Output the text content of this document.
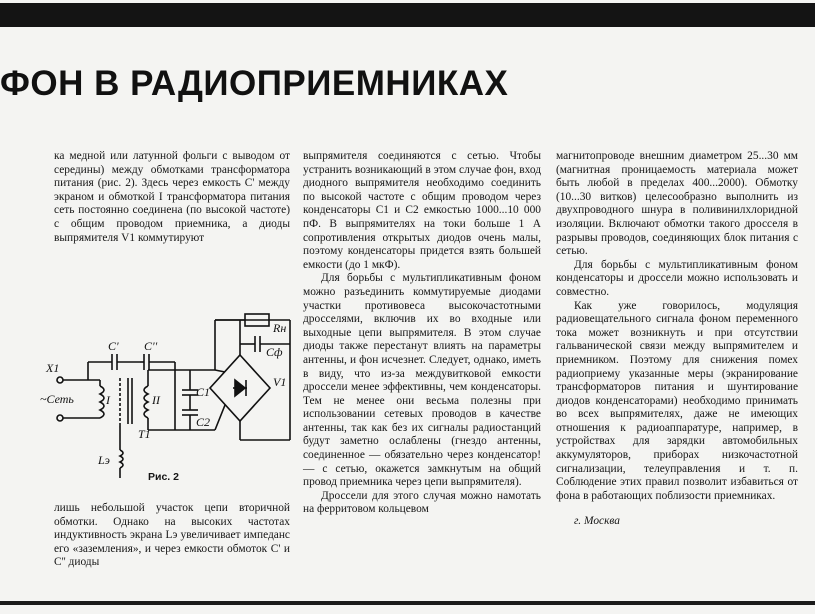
ФОН В РАДИОПРИЕМНИКАХ

ка медной или латунной фольги с выводом от середины) между обмотками трансформатора питания (рис. 2). Здесь через емкость C' между экраном и обмоткой I трансформатора питания сеть постоянно соединена (по высокой частоте) с общим проводом приемника, а диоды выпрямителя V1 коммутируют

C' C''
X1
~Сеть	I	II
T1
Lэ
C1
C2
Rн
Cф
V1
Рис. 2

лишь небольшой участок цепи вторичной обмотки. Однако на высоких частотах индуктивность экрана Lэ увеличивает импеданс его «заземления», и через емкости обмоток C' и C'' диоды

выпрямителя соединяются с сетью. Чтобы устранить возникающий в этом случае фон, вход диодного выпрямителя необходимо соединить по высокой частоте с общим проводом через конденсаторы C1 и C2 емкостью 1000...10 000 пФ. В выпрямителях на токи больше 1 А сопротивления открытых диодов очень малы, поэтому конденсаторы придется взять большей емкости (до 1 мкФ).

Для борьбы с мультипликативным фоном можно разъединить коммутируемые диодами участки противовеса высокочастотными дросселями, включив их во входные или выходные цепи выпрямителя. В этом случае диоды также перестанут влиять на параметры антенны, и фон исчезнет. Следует, однако, иметь в виду, что из-за междувитковой емкости дроссели менее эффективны, чем конденсаторы. Тем не менее они весьма полезны при использовании сетевых проводов в качестве антенны, так как без их сигналы радиостанций будут заметно ослаблены (гнездо антенны, соединенное — обязательно через конденсатор! — с сетью, окажется замкнутым на общий провод приемника через цепи выпрямителя).

Дроссели для этого случая можно намотать на ферритовом кольцевом

магнитопроводе внешним диаметром 25...30 мм (магнитная проницаемость материала может быть любой в пределах 400...2000). Обмотку (10...30 витков) целесообразно выполнить из двухпроводного шнура в поливинилхлоридной изоляции. Включают обмотки такого дросселя в разрывы проводов, соединяющих блок питания с сетью.

Для борьбы с мультипликативным фоном конденсаторы и дроссели можно использовать и совместно.

Как уже говорилось, модуляция радиовещательного сигнала фоном переменного тока может возникнуть и при отсутствии гальванической связи между выпрямителем и приемником. Поэтому для снижения помех радиоприему указанные меры (экранирование трансформаторов питания и шунтирование диодов конденсаторами) необходимо принимать во всех выпрямителях, даже не имеющих отношения к радиоаппаратуре, например, в устройствах для зарядки автомобильных аккумуляторов, приборах низкочастотной сигнализации, телеуправления и т. п. Соблюдение этих правил позволит избавиться от фона в работающих поблизости приемниках.

г. Москва
